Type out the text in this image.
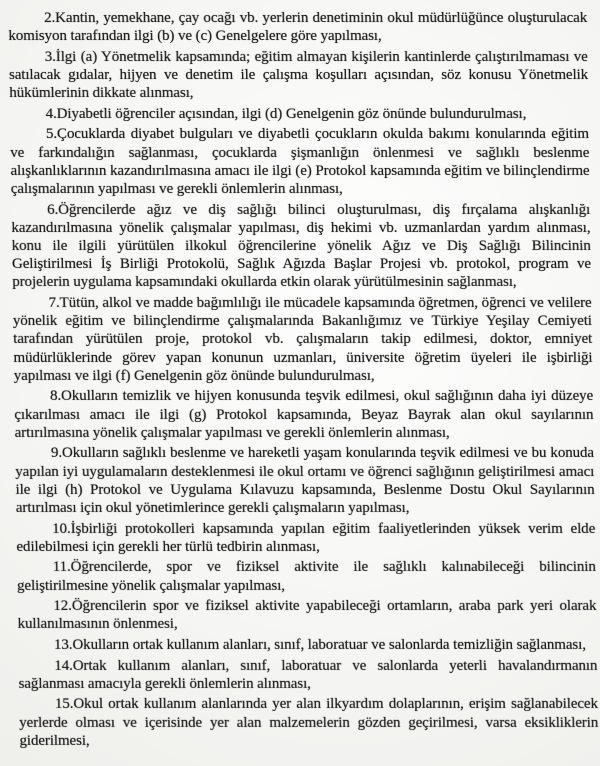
2.Kantin, yemekhane, çay ocağı vb. yerlerin denetiminin okul müdürlüğünce oluşturulacak komisyon tarafından ilgi (b) ve (c) Genelgelere göre yapılması,

3.İlgi (a) Yönetmelik kapsamında; eğitim almayan kişilerin kantinlerde çalıştırılmaması ve satılacak gıdalar, hijyen ve denetim ile çalışma koşulları açısından, söz konusu Yönetmelik hükümlerinin dikkate alınması,

4.Diyabetli öğrenciler açısından, ilgi (d) Genelgenin göz önünde bulundurulması,

5.Çocuklarda diyabet bulguları ve diyabetli çocukların okulda bakımı konularında eğitim ve farkındalığın sağlanması, çocuklarda şişmanlığın önlenmesi ve sağlıklı beslenme alışkanlıklarının kazandırılmasına amacı ile ilgi (e) Protokol kapsamında eğitim ve bilinçlendirme çalışmalarının yapılması ve gerekli önlemlerin alınması,

6.Öğrencilerde ağız ve diş sağlığı bilinci oluşturulması, diş fırçalama alışkanlığı kazandırılmasına yönelik çalışmalar yapılması, diş hekimi vb. uzmanlardan yardım alınması, konu ile ilgili yürütülen ilkokul öğrencilerine yönelik Ağız ve Diş Sağlığı Bilincinin Geliştirilmesi İş Birliği Protokolü, Sağlık Ağızda Başlar Projesi vb. protokol, program ve projelerin uygulama kapsamındaki okullarda etkin olarak yürütülmesinin sağlanması,

7.Tütün, alkol ve madde bağımlılığı ile mücadele kapsamında öğretmen, öğrenci ve velilere yönelik eğitim ve bilinçlendirme çalışmalarında Bakanlığımız ve Türkiye Yeşilay Cemiyeti tarafından yürütülen proje, protokol vb. çalışmaların takip edilmesi, doktor, emniyet müdürlüklerinde görev yapan konunun uzmanları, üniversite öğretim üyeleri ile işbirliği yapılması ve ilgi (f) Genelgenin göz önünde bulundurulması,

8.Okulların temizlik ve hijyen konusunda teşvik edilmesi, okul sağlığının daha iyi düzeye çıkarılması amacı ile ilgi (g) Protokol kapsamında, Beyaz Bayrak alan okul sayılarının artırılmasına yönelik çalışmalar yapılması ve gerekli önlemlerin alınması,

9.Okulların sağlıklı beslenme ve hareketli yaşam konularında teşvik edilmesi ve bu konuda yapılan iyi uygulamaların desteklenmesi ile okul ortamı ve öğrenci sağlığının geliştirilmesi amacı ile ilgi (h) Protokol ve Uygulama Kılavuzu kapsamında, Beslenme Dostu Okul Sayılarının artırılması için okul yönetimlerince gerekli çalışmaların yapılması,

10.İşbirliği protokolleri kapsamında yapılan eğitim faaliyetlerinden yüksek verim elde edilebilmesi için gerekli her türlü tedbirin alınması,

11.Öğrencilerde, spor ve fiziksel aktivite ile sağlıklı kalınabileceği bilincinin geliştirilmesine yönelik çalışmalar yapılması,

12.Öğrencilerin spor ve fiziksel aktivite yapabileceği ortamların, araba park yeri olarak kullanılmasının önlenmesi,

13.Okulların ortak kullanım alanları, sınıf, laboratuar ve salonlarda temizliğin sağlanması,

14.Ortak kullanım alanları, sınıf, laboratuar ve salonlarda yeterli havalandırmanın sağlanması amacıyla gerekli önlemlerin alınması,

15.Okul ortak kullanım alanlarında yer alan ilkyardım dolaplarının, erişim sağlanabilecek yerlerde olması ve içerisinde yer alan malzemelerin gözden geçirilmesi, varsa eksikliklerin giderilmesi,
